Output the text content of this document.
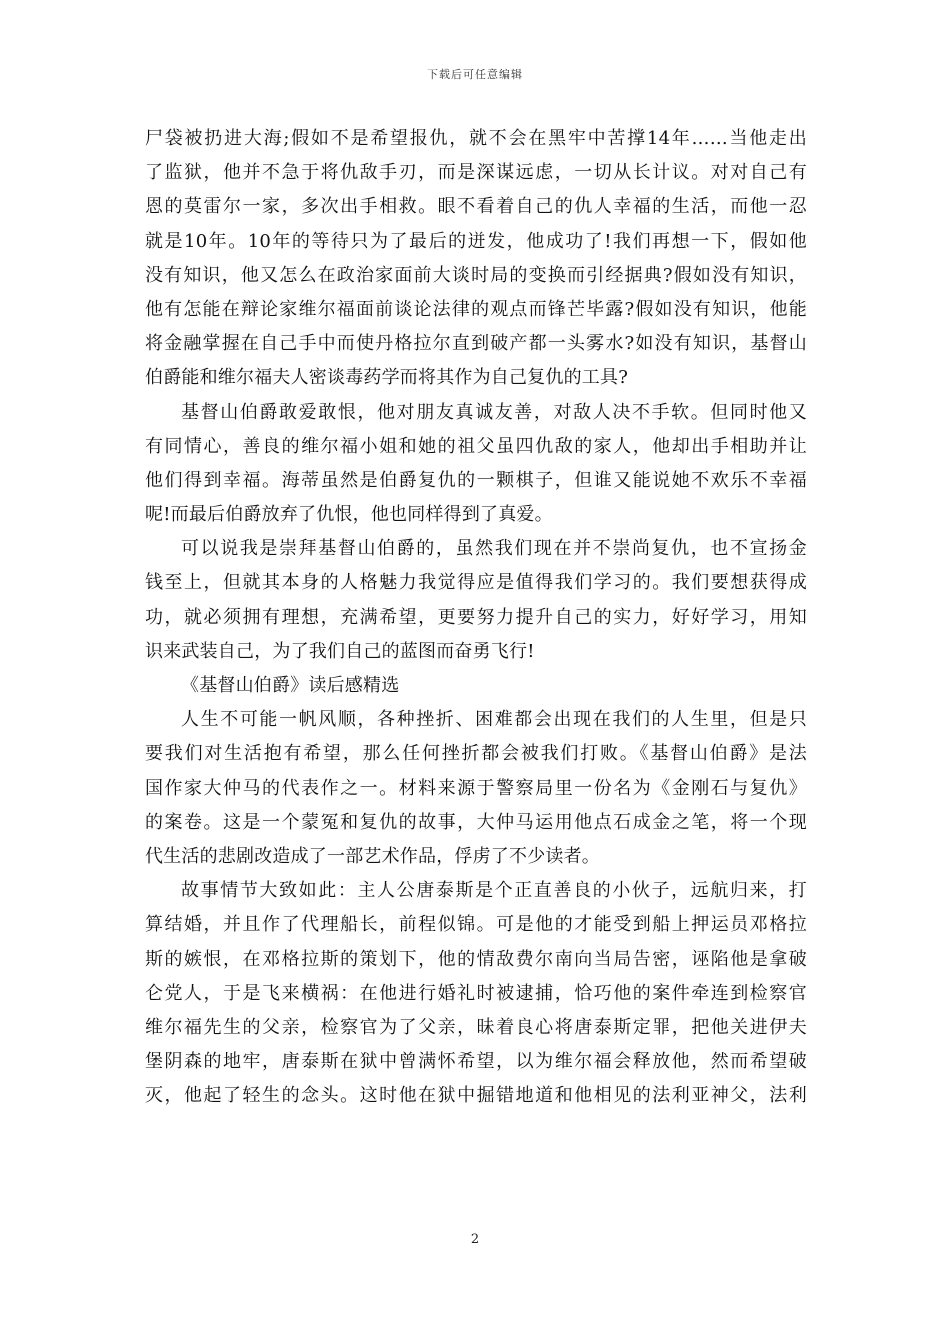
下载后可任意编辑
尸袋被扔进大海;假如不是希望报仇，就不会在黑牢中苦撑14年……当他走出
了监狱，他并不急于将仇敌手刃，而是深谋远虑，一切从长计议。对对自己有
恩的莫雷尔一家，多次出手相救。眼不看着自己的仇人幸福的生活，而他一忍
就是10年。10年的等待只为了最后的迸发，他成功了!我们再想一下，假如他
没有知识，他又怎么在政治家面前大谈时局的变换而引经据典?假如没有知识，
他有怎能在辩论家维尔福面前谈论法律的观点而锋芒毕露?假如没有知识，他能
将金融掌握在自己手中而使丹格拉尔直到破产都一头雾水?如没有知识，基督山
伯爵能和维尔福夫人密谈毒药学而将其作为自己复仇的工具?
基督山伯爵敢爱敢恨，他对朋友真诚友善，对敌人决不手软。但同时他又
有同情心，善良的维尔福小姐和她的祖父虽四仇敌的家人，他却出手相助并让
他们得到幸福。海蒂虽然是伯爵复仇的一颗棋子，但谁又能说她不欢乐不幸福
呢!而最后伯爵放弃了仇恨，他也同样得到了真爱。
可以说我是崇拜基督山伯爵的，虽然我们现在并不崇尚复仇，也不宣扬金
钱至上，但就其本身的人格魅力我觉得应是值得我们学习的。我们要想获得成
功，就必须拥有理想，充满希望，更要努力提升自己的实力，好好学习，用知
识来武装自己，为了我们自己的蓝图而奋勇飞行!
《基督山伯爵》读后感精选
人生不可能一帆风顺，各种挫折、困难都会出现在我们的人生里，但是只
要我们对生活抱有希望，那么任何挫折都会被我们打败。《基督山伯爵》是法
国作家大仲马的代表作之一。材料来源于警察局里一份名为《金刚石与复仇》
的案卷。这是一个蒙冤和复仇的故事，大仲马运用他点石成金之笔，将一个现
代生活的悲剧改造成了一部艺术作品，俘虏了不少读者。
故事情节大致如此：主人公唐泰斯是个正直善良的小伙子，远航归来，打
算结婚，并且作了代理船长，前程似锦。可是他的才能受到船上押运员邓格拉
斯的嫉恨，在邓格拉斯的策划下，他的情敌费尔南向当局告密，诬陷他是拿破
仑党人，于是飞来横祸：在他进行婚礼时被逮捕，恰巧他的案件牵连到检察官
维尔福先生的父亲，检察官为了父亲，昧着良心将唐泰斯定罪，把他关进伊夫
堡阴森的地牢，唐泰斯在狱中曾满怀希望，以为维尔福会释放他，然而希望破
灭，他起了轻生的念头。这时他在狱中掘错地道和他相见的法利亚神父，法利
2
